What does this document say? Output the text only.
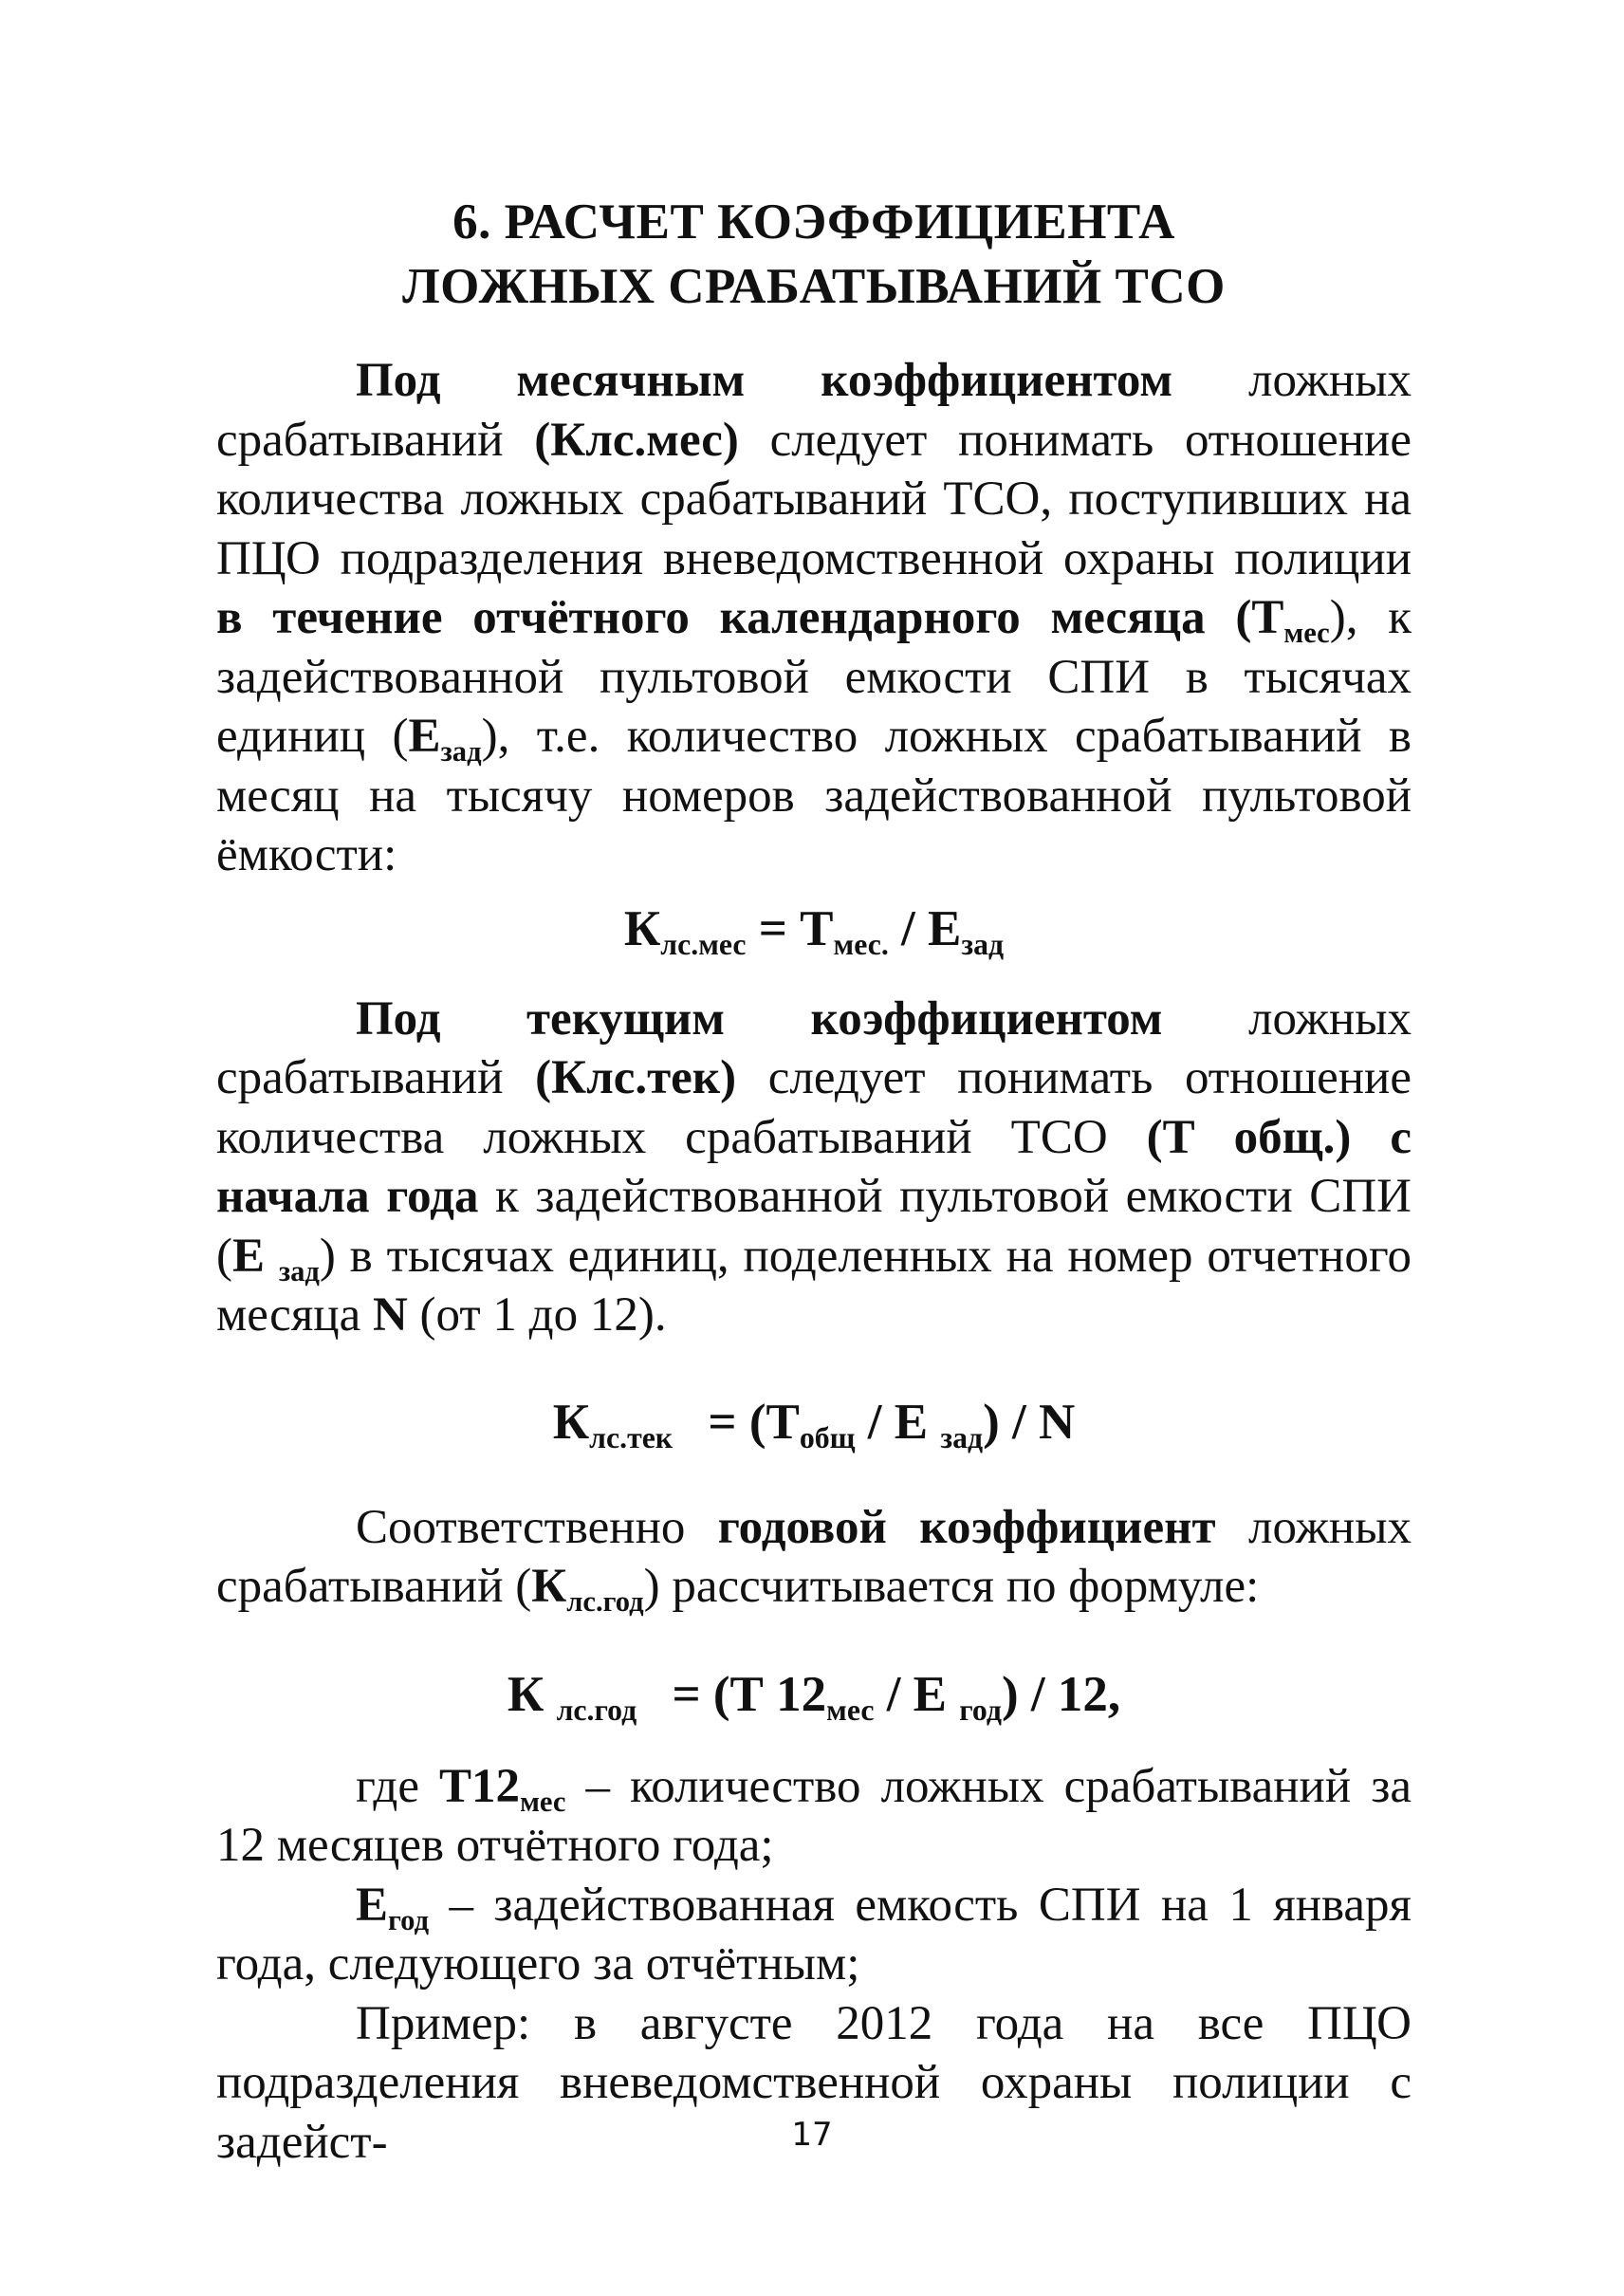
6. РАСЧЕТ КОЭФФИЦИЕНТА
ЛОЖНЫХ СРАБАТЫВАНИЙ ТСО

Под месячным коэффициентом ложных срабатываний (Клс.мес) следует понимать отношение количества ложных срабатываний ТСО, поступивших на ПЦО подразделения вневедомственной охраны полиции в течение отчётного календарного месяца $(Т_{мес})$, к задействованной пультовой емкости СПИ в тысячах единиц $(Е_{зад})$, т.е. количество ложных срабатываний в месяц на тысячу номеров задействованной пультовой ёмкости:

$К_{лс.мес} = Т_{мес.} / Е_{зад}$

Под текущим коэффициентом ложных срабатываний (Клс.тек) следует понимать отношение количества ложных срабатываний ТСО (Т общ.) с начала года к задействованной пультовой емкости СПИ (Е $_{зад}$) в тысячах единиц, поделенных на номер отчетного месяца N (от 1 до 12).

$К_{лс.тек} = (Т_{общ} / Е$ $_{зад}$) / N

Соответственно годовой коэффициент ложных срабатываний $(К_{лс.год})$ рассчитывается по формуле:

К $_{лс.год}$ = (Т $12_{мес}$ / Е $_{год}$) / 12,

где $Т12_{мес}$ – количество ложных срабатываний за 12 месяцев отчётного года;

$Е_{год}$ – задействованная емкость СПИ на 1 января года, следующего за отчётным;

Пример: в августе 2012 года на все ПЦО подразделения вневедомственной охраны полиции с задейст-	17
